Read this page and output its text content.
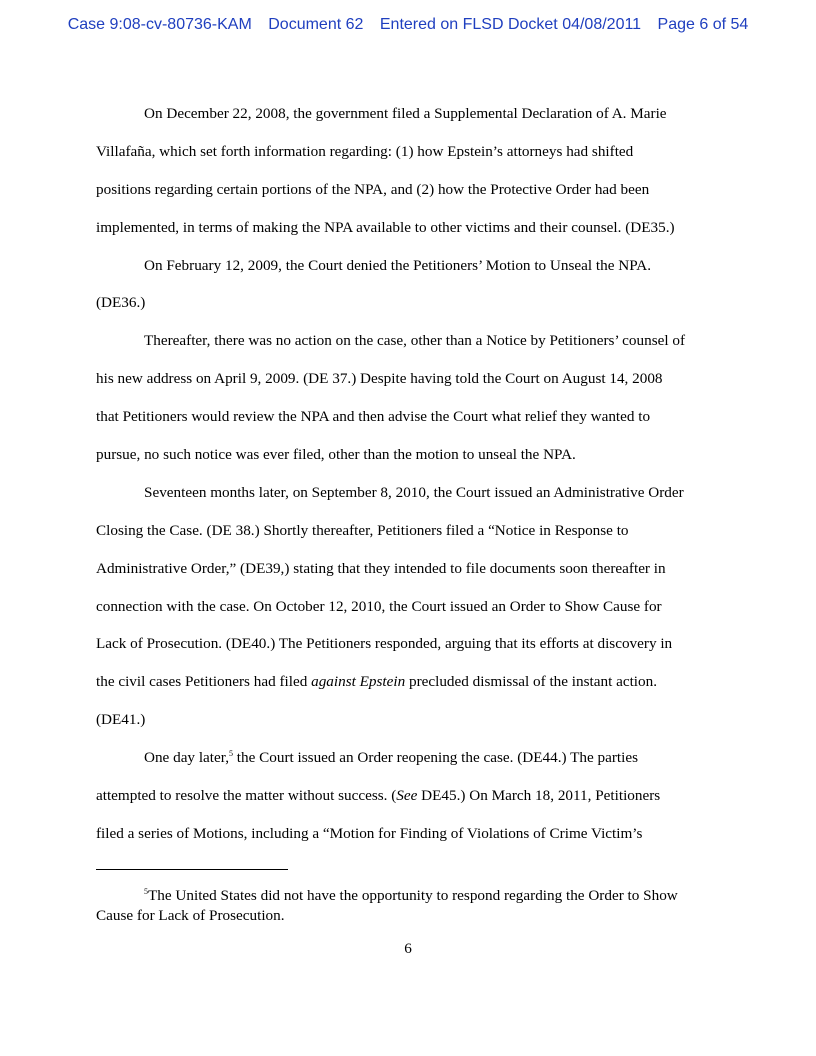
Case 9:08-cv-80736-KAM Document 62 Entered on FLSD Docket 04/08/2011 Page 6 of 54
On December 22, 2008, the government filed a Supplemental Declaration of A. Marie
Villafaña, which set forth information regarding: (1) how Epstein’s attorneys had shifted
positions regarding certain portions of the NPA, and (2) how the Protective Order had been
implemented, in terms of making the NPA available to other victims and their counsel. (DE35.)
On February 12, 2009, the Court denied the Petitioners’ Motion to Unseal the NPA.
(DE36.)
Thereafter, there was no action on the case, other than a Notice by Petitioners’ counsel of
his new address on April 9, 2009. (DE 37.) Despite having told the Court on August 14, 2008
that Petitioners would review the NPA and then advise the Court what relief they wanted to
pursue, no such notice was ever filed, other than the motion to unseal the NPA.
Seventeen months later, on September 8, 2010, the Court issued an Administrative Order
Closing the Case. (DE 38.) Shortly thereafter, Petitioners filed a “Notice in Response to
Administrative Order,” (DE39,) stating that they intended to file documents soon thereafter in
connection with the case. On October 12, 2010, the Court issued an Order to Show Cause for
Lack of Prosecution. (DE40.) The Petitioners responded, arguing that its efforts at discovery in
the civil cases Petitioners had filed against Epstein precluded dismissal of the instant action.
(DE41.)
One day later,$^5$ the Court issued an Order reopening the case. (DE44.) The parties
attempted to resolve the matter without success. (See DE45.) On March 18, 2011, Petitioners
filed a series of Motions, including a “Motion for Finding of Violations of Crime Victim’s
$^5$The United States did not have the opportunity to respond regarding the Order to Show
Cause for Lack of Prosecution.
6
